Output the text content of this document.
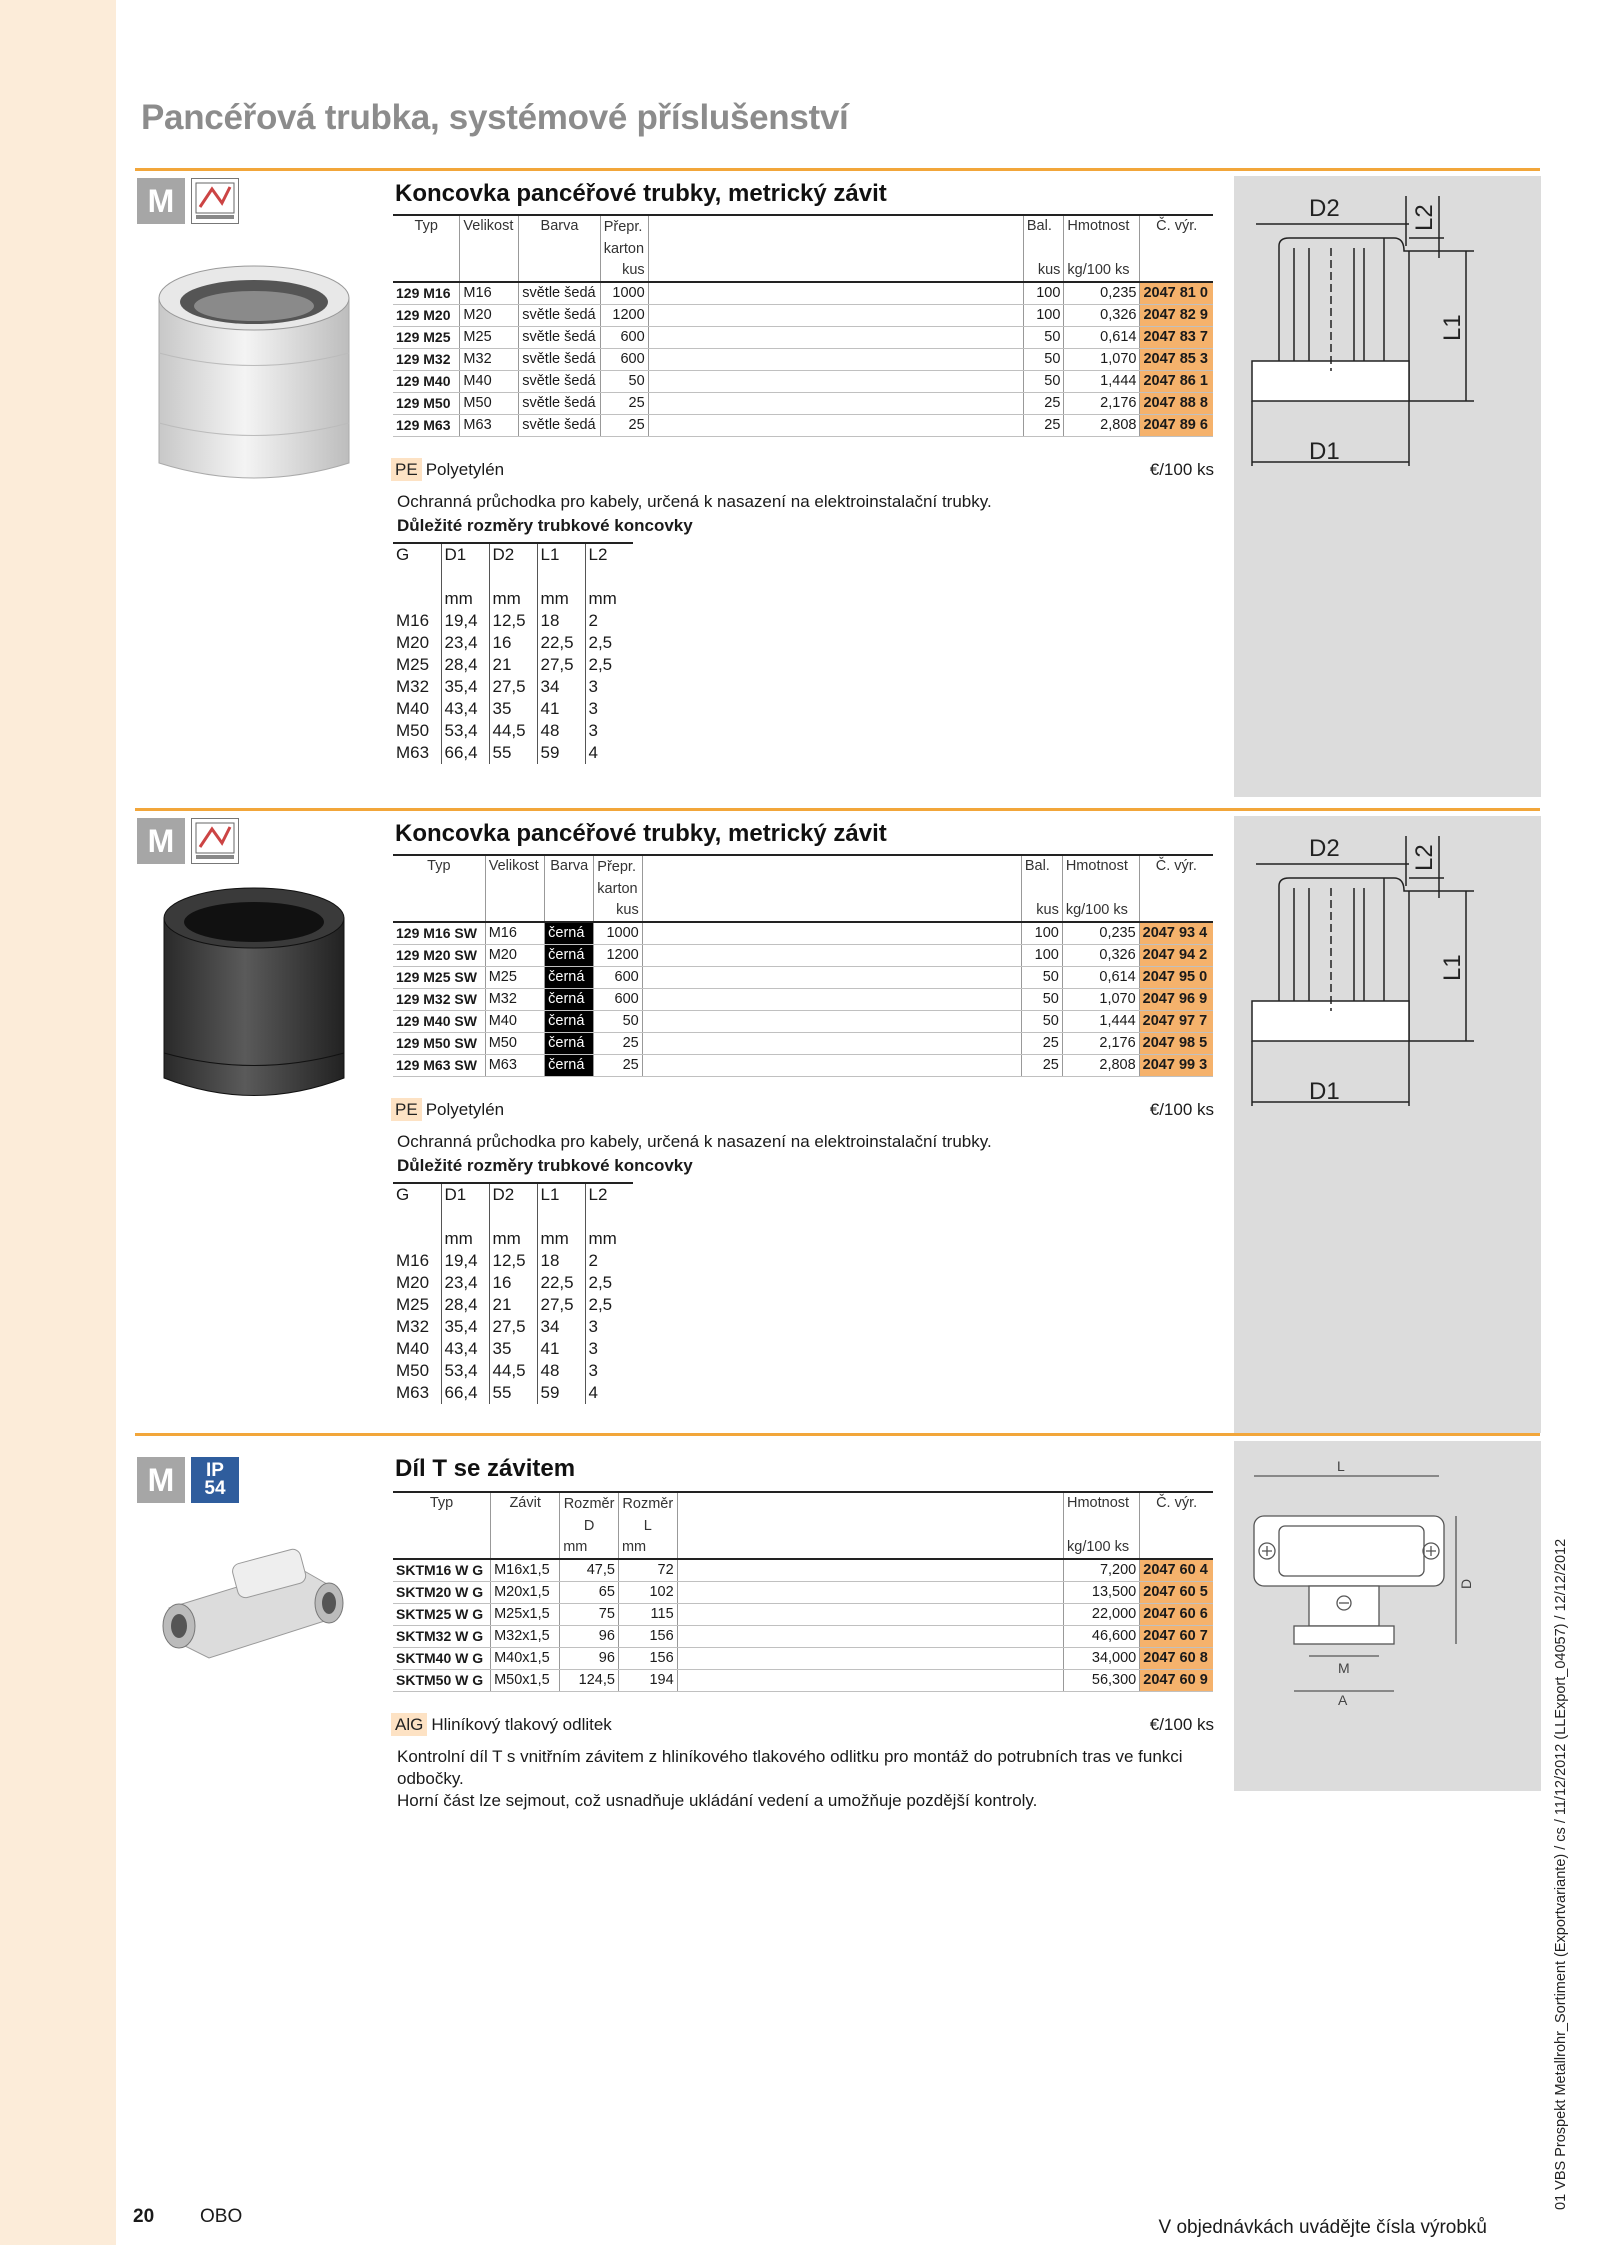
Pancéřová trubka, systémové příslušenství
M	Koncovka pancéřové trubky, metrický závit
Typ	Velikost	Barva	Přepr. karton		Bal.	Hmotnost	Č. výr.
			kus		kus	kg/100 ks	
129 M16	M16	světle šedá	1000		100	0,235	2047 81 0
129 M20	M20	světle šedá	1200		100	0,326	2047 82 9
129 M25	M25	světle šedá	600		50	0,614	2047 83 7
129 M32	M32	světle šedá	600		50	1,070	2047 85 3
129 M40	M40	světle šedá	50		50	1,444	2047 86 1
129 M50	M50	světle šedá	25		25	2,176	2047 88 8
129 M63	M63	světle šedá	25		25	2,808	2047 89 6
PE Polyetylén	€/100 ks
Ochranná průchodka pro kabely, určená k nasazení na elektroinstalační trubky.
Důležité rozměry trubkové koncovky
G	D1	D2	L1	L2

	mm	mm	mm	mm
M16	19,4	12,5	18	2
M20	23,4	16	22,5	2,5
M25	28,4	21	27,5	2,5
M32	35,4	27,5	34	3
M40	43,4	35	41	3
M50	53,4	44,5	48	3
M63	66,4	55	59	4
D2
D1
L2
L1
M	Koncovka pancéřové trubky, metrický závit
Typ	Velikost	Barva	Přepr. karton		Bal.	Hmotnost	Č. výr.
			kus		kus	kg/100 ks	
129 M16 SW	M16	černá	1000		100	0,235	2047 93 4
129 M20 SW	M20	černá	1200		100	0,326	2047 94 2
129 M25 SW	M25	černá	600		50	0,614	2047 95 0
129 M32 SW	M32	černá	600		50	1,070	2047 96 9
129 M40 SW	M40	černá	50		50	1,444	2047 97 7
129 M50 SW	M50	černá	25		25	2,176	2047 98 5
129 M63 SW	M63	černá	25		25	2,808	2047 99 3
PE Polyetylén	€/100 ks
Ochranná průchodka pro kabely, určená k nasazení na elektroinstalační trubky.
Důležité rozměry trubkové koncovky
G	D1	D2	L1	L2

	mm	mm	mm	mm
M16	19,4	12,5	18	2
M20	23,4	16	22,5	2,5
M25	28,4	21	27,5	2,5
M32	35,4	27,5	34	3
M40	43,4	35	41	3
M50	53,4	44,5	48	3
M63	66,4	55	59	4
D2
D1
L2
L1
M	IP
54
Díl T se závitem
Typ	Závit	Rozměr D	Rozměr L		Hmotnost	Č. výr.
		mm	mm		kg/100 ks	
SKTM16 W G	M16x1,5	47,5	72		7,200	2047 60 4
SKTM20 W G	M20x1,5	65	102		13,500	2047 60 5
SKTM25 W G	M25x1,5	75	115		22,000	2047 60 6
SKTM32 W G	M32x1,5	96	156		46,600	2047 60 7
SKTM40 W G	M40x1,5	96	156		34,000	2047 60 8
SKTM50 W G	M50x1,5	124,5	194		56,300	2047 60 9
AlG Hliníkový tlakový odlitek	€/100 ks
Kontrolní díl T s vnitřním závitem z hliníkového tlakového odlitku pro montáž do potrubních tras ve funkci odbočky.
Horní část lze sejmout, což usnadňuje ukládání vedení a umožňuje pozdější kontroly.
L
D
M
A
20 OBO
V objednávkách uvádějte čísla výrobků
01 VBS Prospekt Metallrohr_Sortiment (Exportvariante) / cs / 11/12/2012 (LLExport_04057) / 12/12/2012
